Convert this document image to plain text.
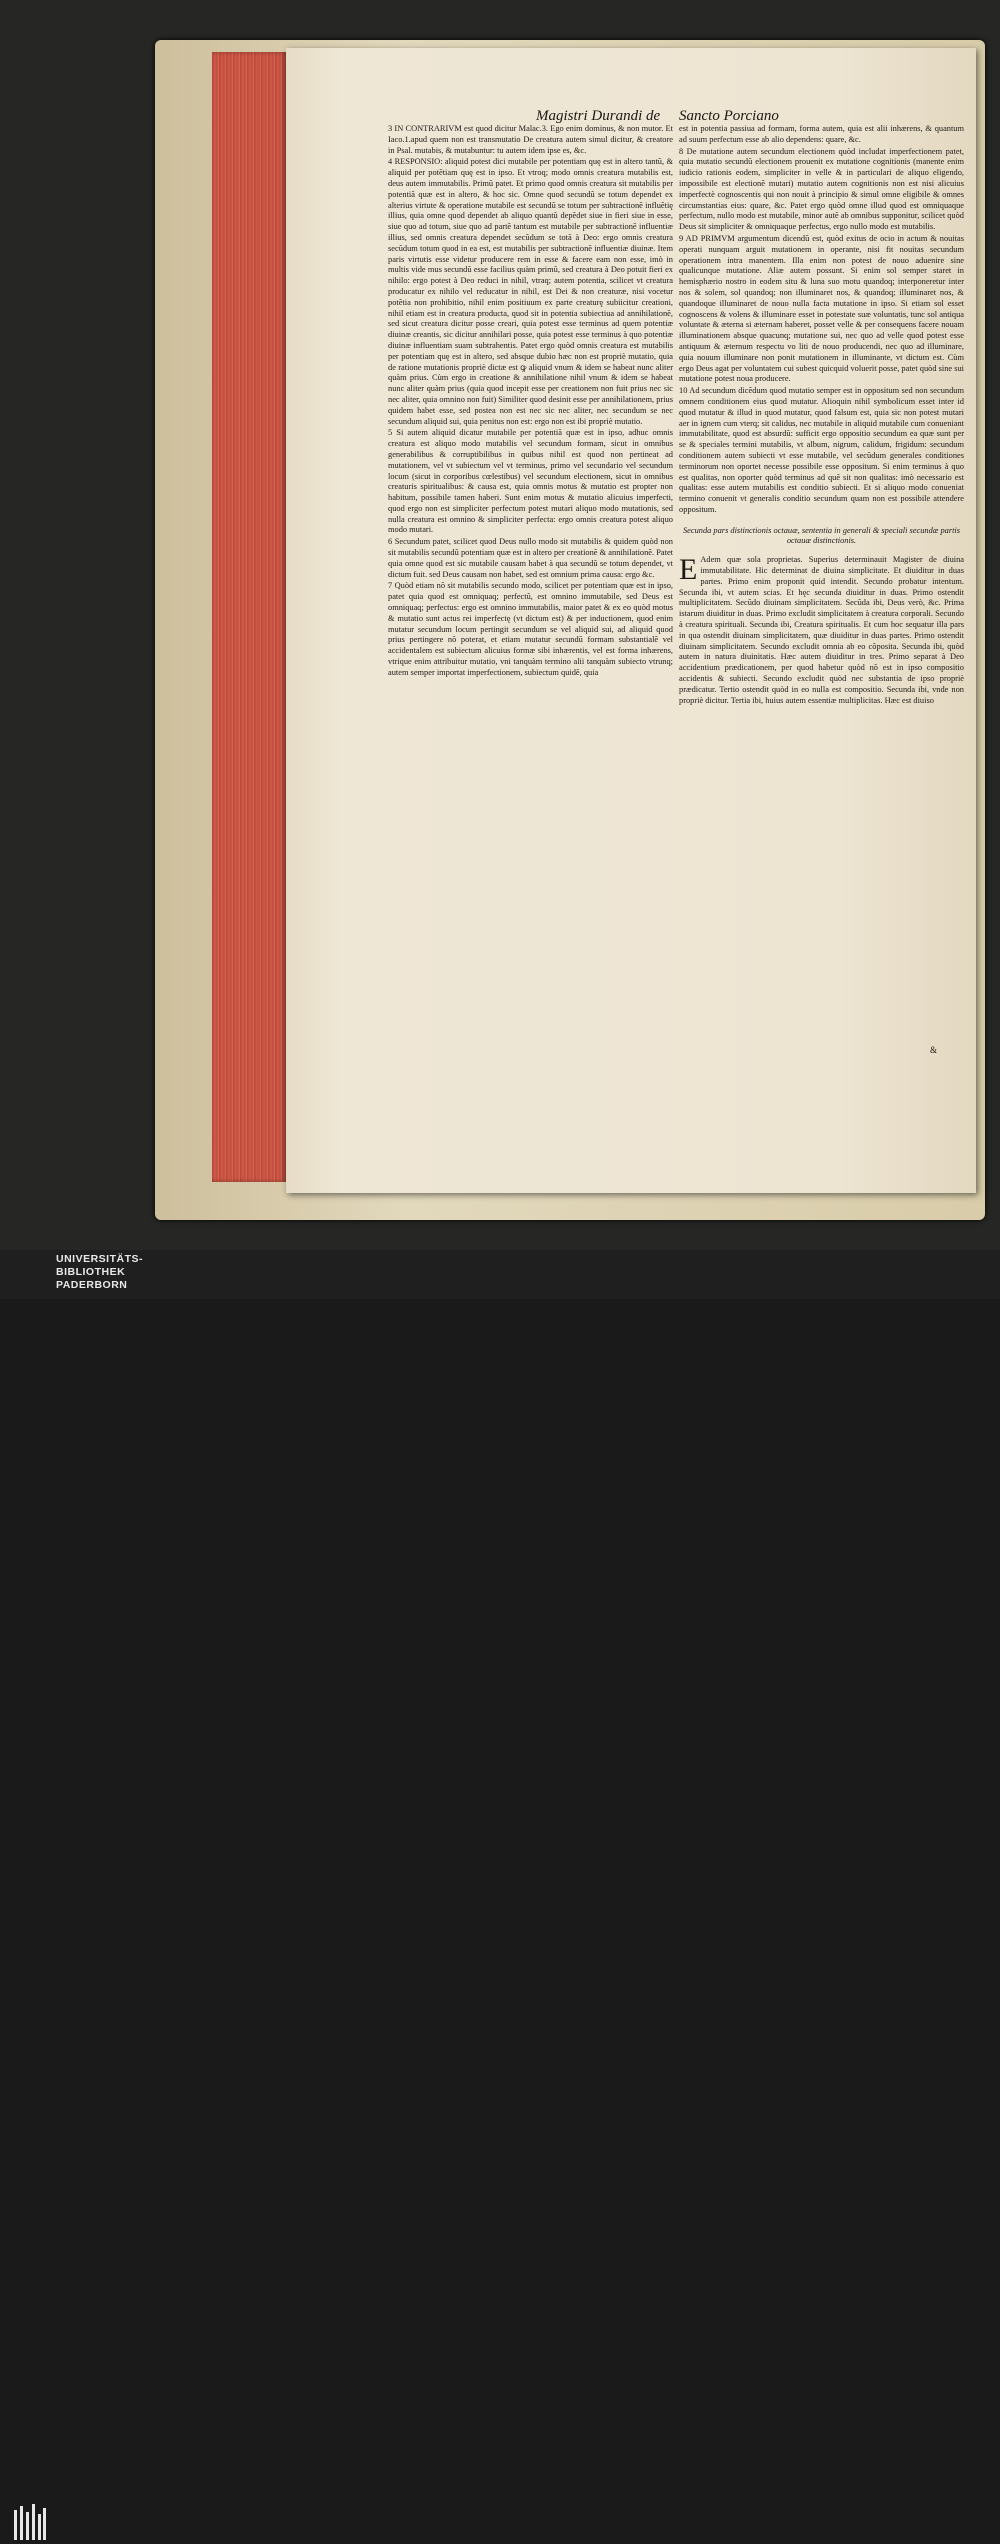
Magistri Durandi de Sancto Porciano

3 IN CONTRARIVM est quod dicitur Malac.3. Ego enim dominus, & non mutor. Et Iaco.1.apud quem non est transmutatio De creatura autem simul dicitur, & creatore in Psal. mutabis, & mutabuntur: tu autem idem ipse es, &c.

4 RESPONSIO: aliquid potest dici mutabile per potentiam quę est in altero tantũ, & aliquid per potẽtiam quę est in ipso. Et vtroq; modo omnis creatura mutabilis est, deus autem immutabilis. Primũ patet. Et primo quod omnis creatura sit mutabilis per potentiã quæ est in altero, & hoc sic. Omne quod secundũ se totum dependet ex alterius virtute & operatione mutabile est secundũ se totum per subtractionẽ influẽtię illius, quia omne quod dependet ab aliquo quantũ depẽdet siue in fieri siue in esse, siue quo ad totum, siue quo ad partẽ tantum est mutabile per subtractionẽ influentiæ illius, sed omnis creatura dependet secũdum se totã à Deo: ergo omnis creatura secũdum totum quod in ea est, est mutabilis per subtractionẽ influentiæ diuinæ. Item paris virtutis esse videtur producere rem in esse & facere eam non esse, imò in multis vide mus secundũ esse facilius quàm primũ, sed creatura à Deo potuit fieri ex nihilo: ergo potest à Deo reduci in nihil, vtraq; autem potentia, scilicet vt creatura producatur ex nihilo vel reducatur in nihil, est Dei & non creaturæ, nisi vocetur potẽtia non prohibitio, nihil enim positiuum ex parte creaturę subiicitur creationi, nihil etiam est in creatura producta, quod sit in potentia subiectiua ad annihilationẽ, sed sicut creatura dicitur posse creari, quia potest esse terminus ad quem potentiæ diuinæ creantis, sic dicitur annihilari posse, quia potest esse terminus à quo potentiæ diuinæ influentiam suam subtrahentis. Patet ergo quòd omnis creatura est mutabilis per potentiam quę est in altero, sed absque dubio hæc non est propriè mutatio, quia de ratione mutationis propriè dictæ est ꝙ aliquid vnum & idem se habeat nunc aliter quàm prius. Cùm ergo in creatione & annihilatione nihil vnum & idem se habeat nunc aliter quàm prius (quia quod incepit esse per creationem non fuit prius nec sic nec aliter, quia omnino non fuit) Similiter quod desinit esse per annihilationem, prius quidem habet esse, sed postea non est nec sic nec aliter, nec secundum se nec secundum aliquid sui, quia penitus non est: ergo non est ibi propriè mutatio.

5 Si autem aliquid dicatur mutabile per potentiã quæ est in ipso, adhuc omnis creatura est aliquo modo mutabilis vel secundum formam, sicut in omnibus generabilibus & corruptibilibus in quibus nihil est quod non pertineat ad mutationem, vel vt subiectum vel vt terminus, primo vel secundario vel secundum locum (sicut in corporibus cœlestibus) vel secundum electionem, sicut in omnibus creaturis spiritualibus: & causa est, quia omnis motus & mutatio est propter non habitum, possibile tamen haberi. Sunt enim motus & mutatio alicuius imperfecti, quod ergo non est simpliciter perfectum potest mutari aliquo modo mutationis, sed nulla creatura est omnino & simpliciter perfecta: ergo omnis creatura potest aliquo modo mutari.

6 Secundum patet, scilicet quod Deus nullo modo sit mutabilis & quidem quòd non sit mutabilis secundũ potentiam quæ est in altero per creationẽ & annihilationẽ. Patet quia omne quod est sic mutabile causam habet à qua secundũ se totum dependet, vt dictum fuit. sed Deus causam non habet, sed est omnium prima causa: ergo &c.

7 Quòd etiam nõ sit mutabilis secundo modo, scilicet per potentiam quæ est in ipso, patet quia quod est omniquaq; perfectũ, est omnino immutabile, sed Deus est omniquaq; perfectus: ergo est omnino immutabilis, maior patet & ex eo quòd motus & mutatio sunt actus rei imperfectę (vt dictum est) & per inductionem, quod enim mutatur secundum locum pertingit secundum se vel aliquid sui, ad aliquid quod prius pertingere nõ poterat, et etiam mutatur secundũ formam substantialẽ vel accidentalem est subiectum alicuius formæ sibi inhærentis, vel est forma inhærens, vtrique enim attribuitur mutatio, vni tanquàm termino alii tanquàm subiecto vtrunq; autem semper importat imperfectionem, subiectum quidẽ, quia

est in potentia passiua ad formam, forma autem, quia est alii inhærens, & quantum ad suum perfectum esse ab alio dependens: quare, &c.

8 De mutatione autem secundum electionem quòd includat imperfectionem patet, quia mutatio secundũ electionem prouenit ex mutatione cognitionis (manente enim iudicio rationis eodem, simpliciter in velle & in particulari de aliquo eligendo, impossibile est electionẽ mutari) mutatio autem cognitionis non est nisi alicuius imperfectè cognoscentis qui non nouit à principio & simul omne eligibile & omnes circumstantias eius: quare, &c. Patet ergo quòd omne illud quod est omniquaque perfectum, nullo modo est mutabile, minor autẽ ab omnibus supponitur, scilicet quòd Deus sit simpliciter & omniquaque perfectus, ergo nullo modo est mutabilis.

9 AD PRIMVM argumentum dicendũ est, quòd exitus de ocio in actum & nouitas operati nunquam arguit mutationem in operante, nisi fit nouitas secundum operationem intra manentem. Illa enim non potest de nouo aduenire sine qualicunque mutatione. Aliæ autem possunt. Si enim sol semper staret in hemisphærio nostro in eodem situ & luna suo motu quandoq; interponeretur inter nos & solem, sol quandoq; non illuminaret nos, & quandoq; illuminaret nos, & quandoque illuminaret de nouo nulla facta mutatione in ipso. Si etiam sol esset cognoscens & volens & illuminare esset in potestate suæ voluntatis, tunc sol antiqua voluntate & æterna si æternam haberet, posset velle & per consequens facere nouam illuminationem absque quacunq; mutatione sui, nec quo ad velle quod potest esse antiquum & æternum respectu vo liti de nouo producendi, nec quo ad illuminare, quia nouum illuminare non ponit mutationem in illuminante, vt dictum est. Cùm ergo Deus agat per voluntatem cui subest quicquid voluerit posse, patet quòd sine sui mutatione potest noua producere.

10 Ad secundum dicẽdum quod mutatio semper est in oppositum sed non secundum omnem conditionem eius quod mutatur. Alioquin nihil symbolicum esset inter id quod mutatur & illud in quod mutatur, quod falsum est, quia sic non potest mutari aer in ignem cum vterq; sit calidus, nec mutabile in aliquid mutabile cum conueniant immutabilitate, quod est absurdũ: sufficit ergo oppositio secundum ea quæ sunt per se & speciales termini mutabilis, vt album, nigrum, calidum, frigidum: secundum conditionem autem subiecti vt esse mutabile, vel secũdum generales conditiones terminorum non oportet necesse possibile esse oppositum. Si enim terminus à quo est qualitas, non oporter quòd terminus ad quẽ sit non qualitas: imò necessario est qualitas: esse autem mutabilis est conditio subiecti. Et si aliquo modo conueniat termino conuenit vt generalis conditio secundum quam non est possibile attendere oppositum.

Secunda pars distinctionis octauæ, sententia in generali & speciali secundæ partis octauæ distinctionis.

E Adem quæ sola proprietas. Superius determinauit Magister de diuina immutabilitate. Hic determinat de diuina simplicitate. Et diuiditur in duas partes. Primo enim proponit quid intendit. Secundo probatur intentum. Secunda ibi, vt autem scias. Et hęc secunda diuiditur in duas. Primo ostendit multiplicitatem. Secũdo diuinam simplicitatem. Secũda ibi, Deus verò, &c. Prima istarum diuiditur in duas. Primo excludit simplicitatem à creatura corporali. Secundo à creatura spirituali. Secunda ibi, Creatura spiritualis. Et cum hoc sequatur illa pars in qua ostendit diuinam simplicitatem, quæ diuiditur in duas partes. Primo ostendit diuinam simplicitatem. Secundo excludit omnia ab eo cõposita. Secunda ibi, quòd autem in natura diuinitatis. Hæc autem diuiditur in tres. Primo separat à Deo accidentium prædicationem, per quod habetur quòd nõ est in ipso compositio accidentis & subiecti. Secundo excludit quòd nec substantia de ipso propriè prædicatur. Tertio ostendit quòd in eo nulla est compositio. Secunda ibi, vnde non propriè dicitur. Tertia ibi, huius autem essentiæ multiplicitas. Hæc est diuiso

&
UNIVERSITÄTS-
BIBLIOTHEK
PADERBORN
